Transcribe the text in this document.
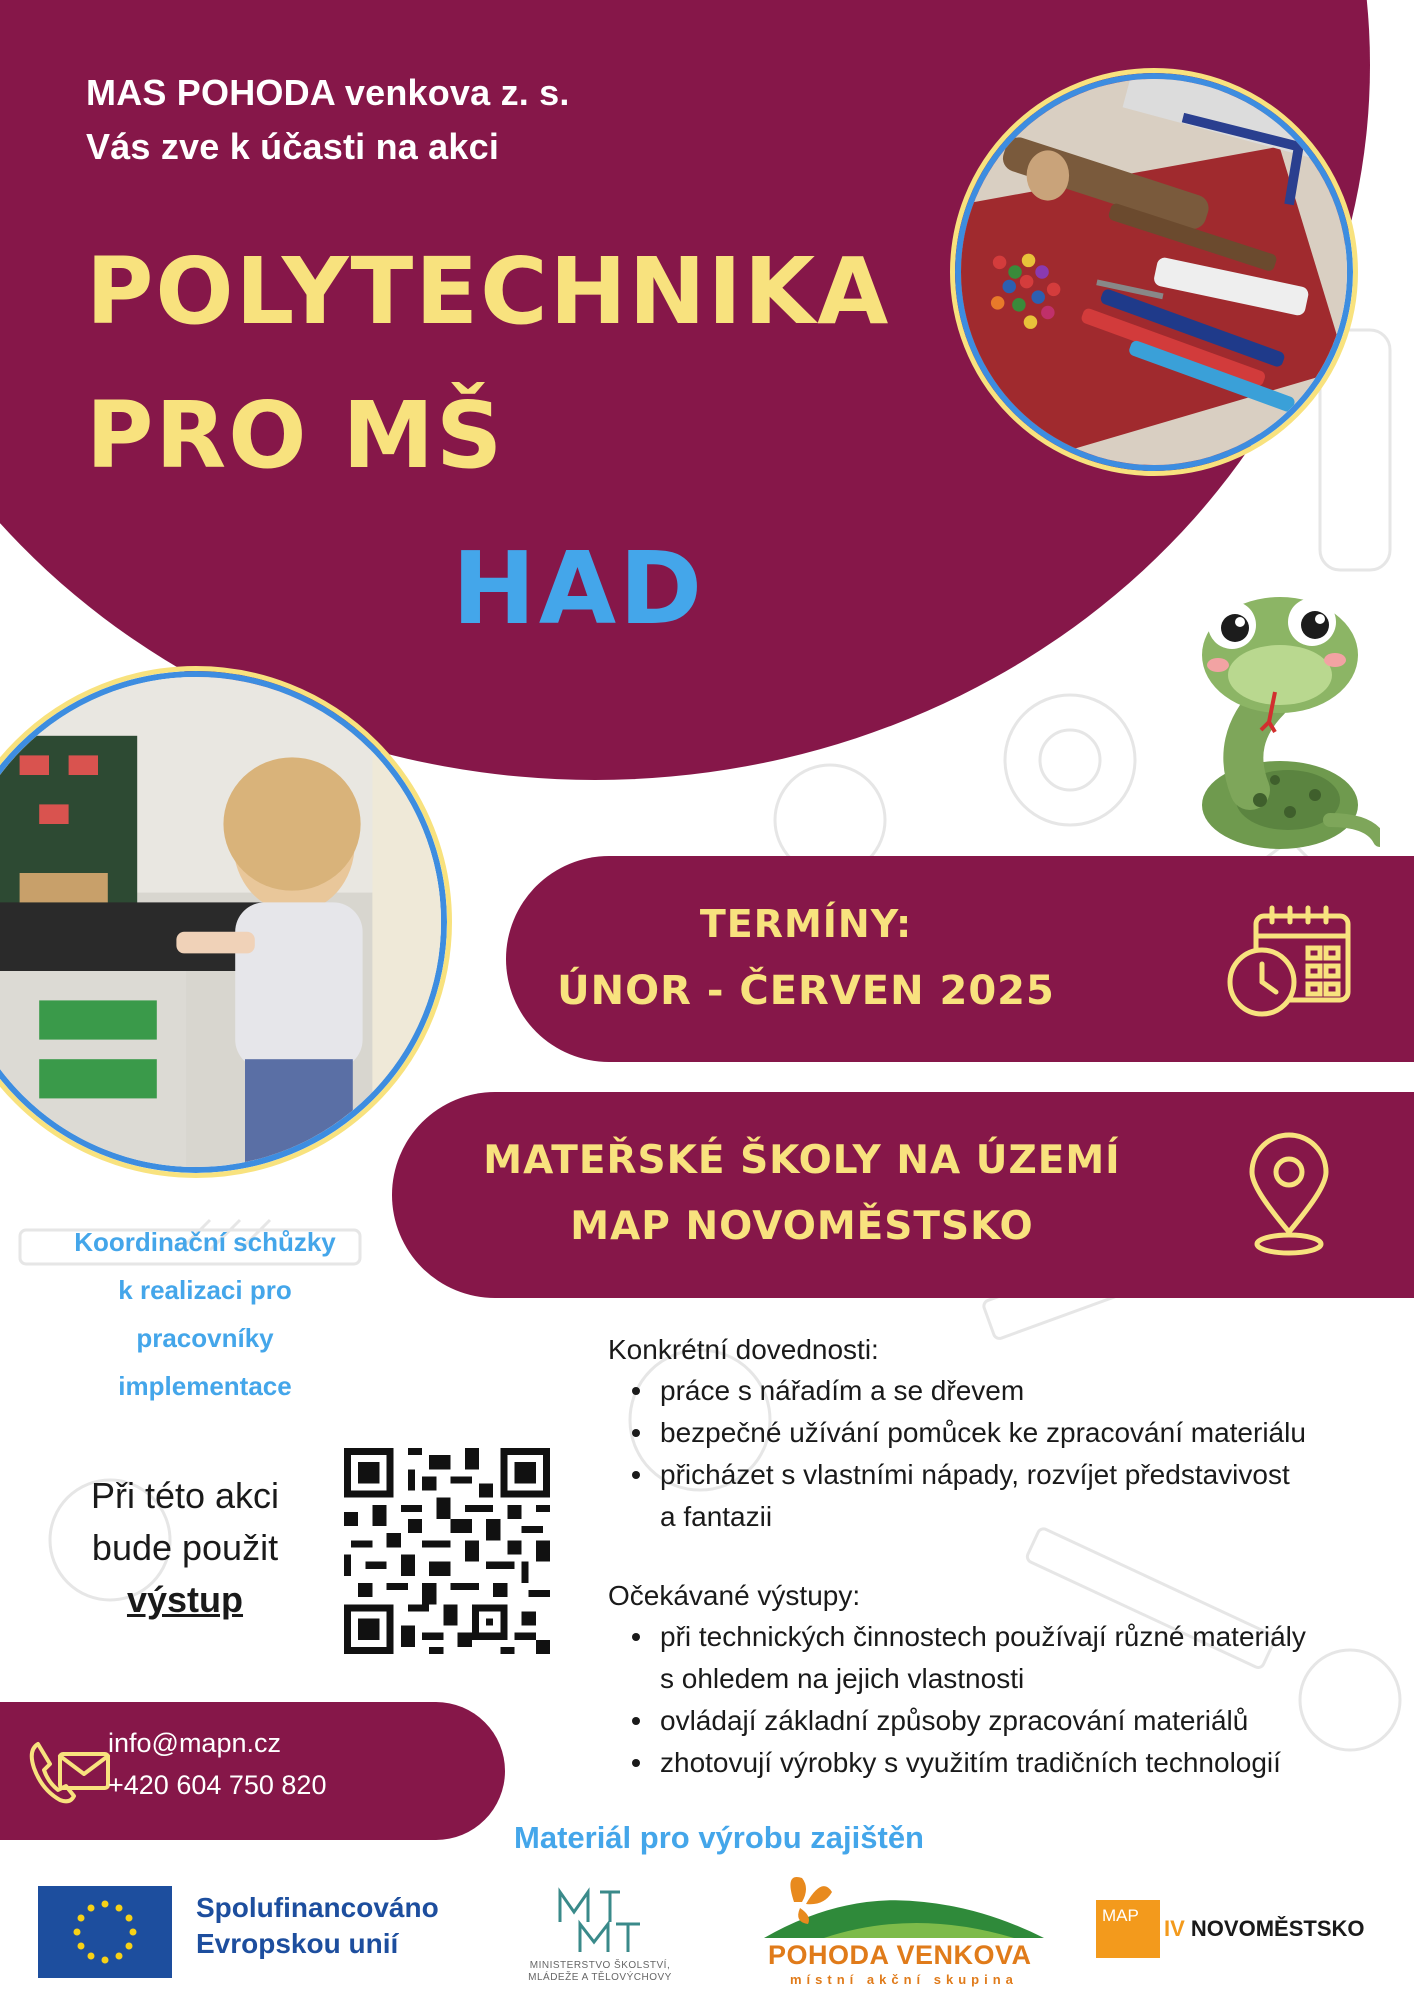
MAS POHODA venkova z. s.
Vás zve k účasti na akci
POLYTECHNIKA
PRO MŠ
HAD
TERMÍNY:
ÚNOR - ČERVEN 2025
MATEŘSKÉ ŠKOLY NA ÚZEMÍ
MAP NOVOMĚSTSKO
Koordinační schůzky
k realizaci pro
pracovníky
implementace
Při této akci
bude použit
výstup
Konkrétní dovednosti:
práce s nářadím a se dřevem
bezpečné užívání pomůcek ke zpracování materiálu
přicházet s vlastními nápady, rozvíjet představivost
a fantazii
Očekávané výstupy:
při technických činnostech používají různé materiály
s ohledem na jejich vlastnosti
ovládají základní způsoby zpracování materiálů
zhotovují výrobky s využitím tradičních technologií
info@mapn.cz
+420 604 750 820
Materiál pro výrobu zajištěn
Spolufinancováno
Evropskou unií
MINISTERSTVO ŠKOLSTVÍ,
MLÁDEŽE A TĚLOVÝCHOVY
POHODA VENKOVA
místní akční skupina
MAP
IV NOVOMĚSTSKO
